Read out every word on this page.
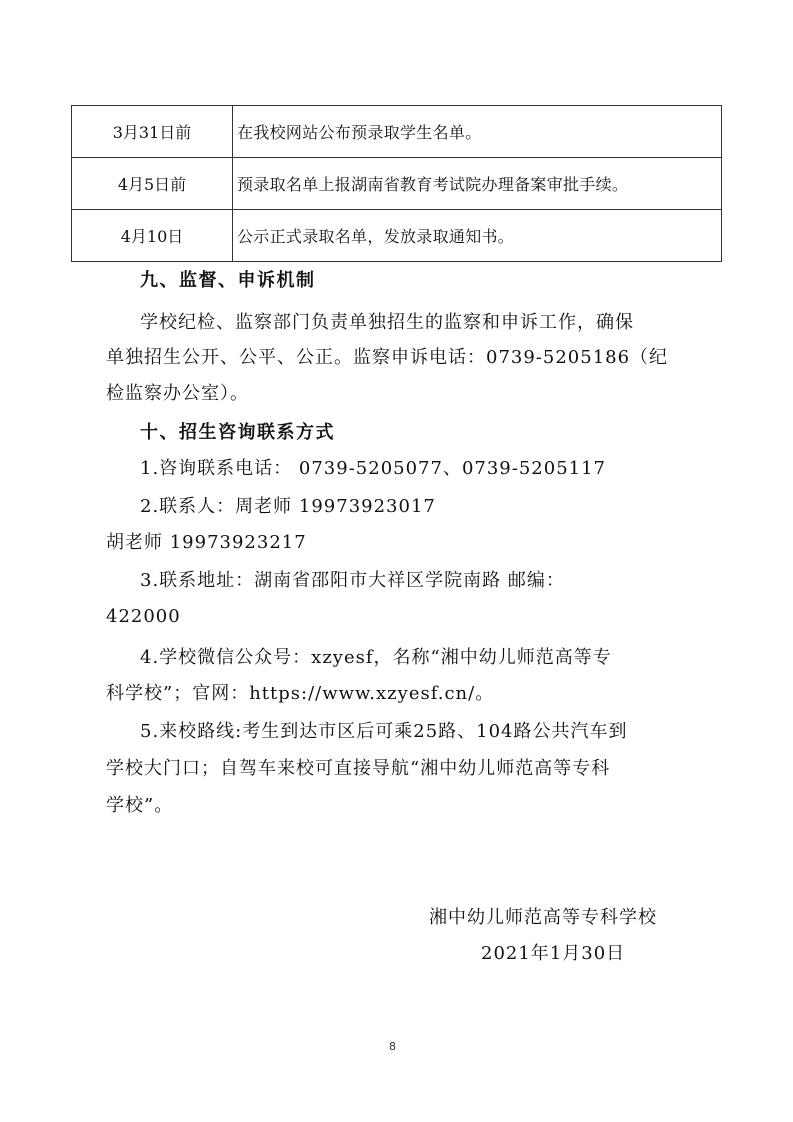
3月31日前	在我校网站公布预录取学生名单。
4月5日前	预录取名单上报湖南省教育考试院办理备案审批手续。
4月10日	公示正式录取名单，发放录取通知书。
九、监督、申诉机制
学校纪检、监察部门负责单独招生的监察和申诉工作，确保
单独招生公开、公平、公正。监察申诉电话：0739-5205186（纪
检监察办公室）。
十、招生咨询联系方式
1.咨询联系电话： 0739-5205077、0739-5205117
2.联系人：周老师 19973923017
胡老师 19973923217
3.联系地址：湖南省邵阳市大祥区学院南路 邮编：
422000
4.学校微信公众号：xzyesf，名称“湘中幼儿师范高等专
科学校”；官网：https://www.xzyesf.cn/。
5.来校路线:考生到达市区后可乘25路、104路公共汽车到
学校大门口；自驾车来校可直接导航“湘中幼儿师范高等专科
学校”。
湘中幼儿师范高等专科学校
2021年1月30日
8
